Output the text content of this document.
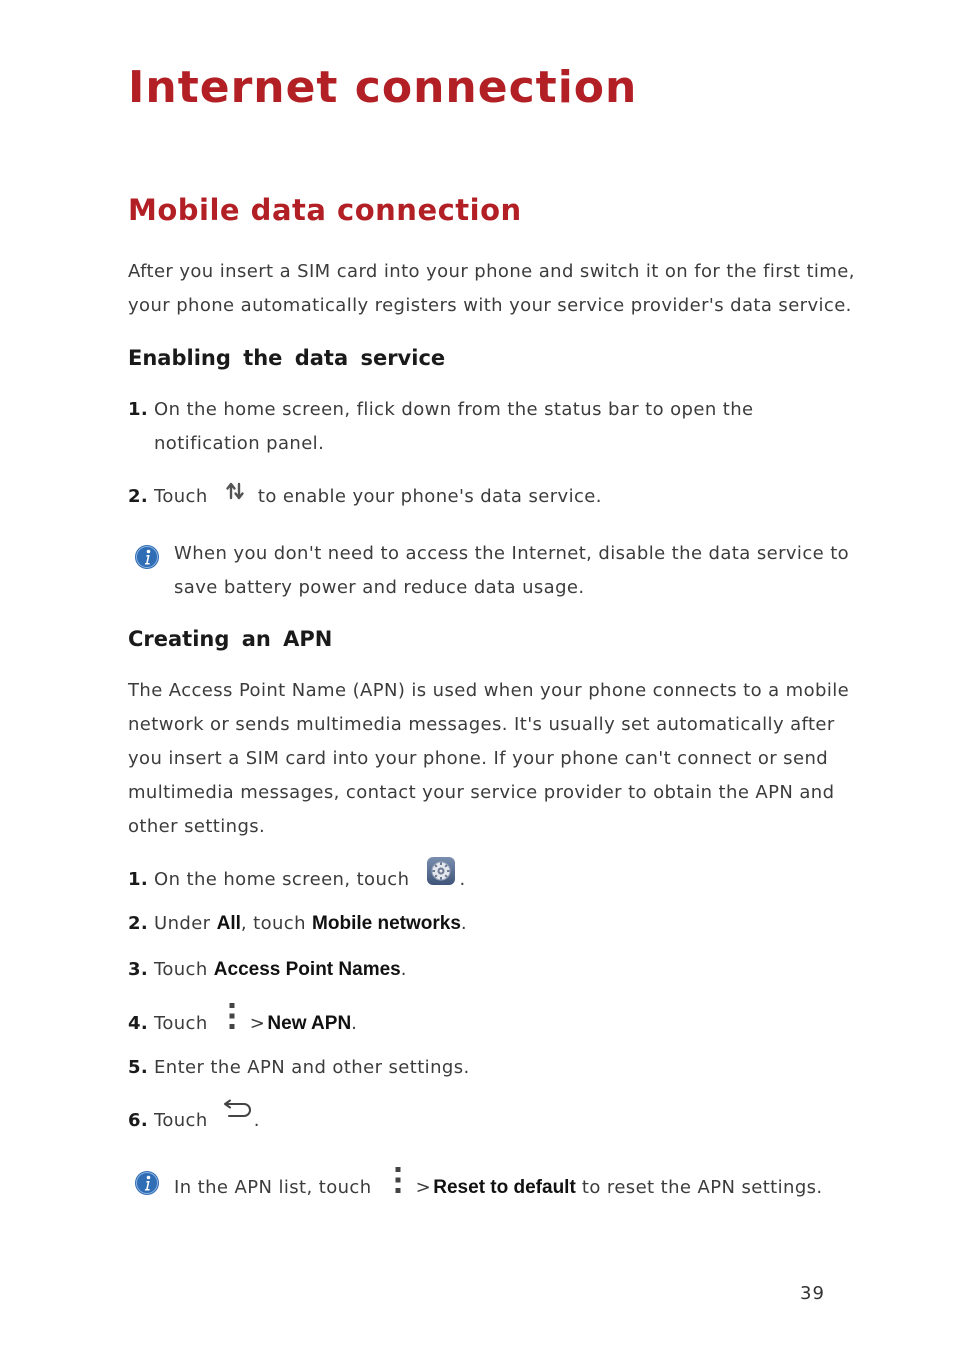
Internet connection
Mobile data connection
After you insert a SIM card into your phone and switch it on for the first time,
your phone automatically registers with your service provider's data service.
Enabling the data service
1. On the home screen, flick down from the status bar to open the
notification panel.
2. Touch	to enable your phone's data service.
When you don't need to access the Internet, disable the data service to
save battery power and reduce data usage.
Creating an APN
The Access Point Name (APN) is used when your phone connects to a mobile
network or sends multimedia messages. It's usually set automatically after
you insert a SIM card into your phone. If your phone can't connect or send
multimedia messages, contact your service provider to obtain the APN and
other settings.
1. On the home screen, touch	.
2. Under All, touch Mobile networks.
3. Touch Access Point Names.
4. Touch > New APN.
5. Enter the APN and other settings.
6. Touch	.
In the APN list, touch > Reset to default to reset the APN settings.
39
